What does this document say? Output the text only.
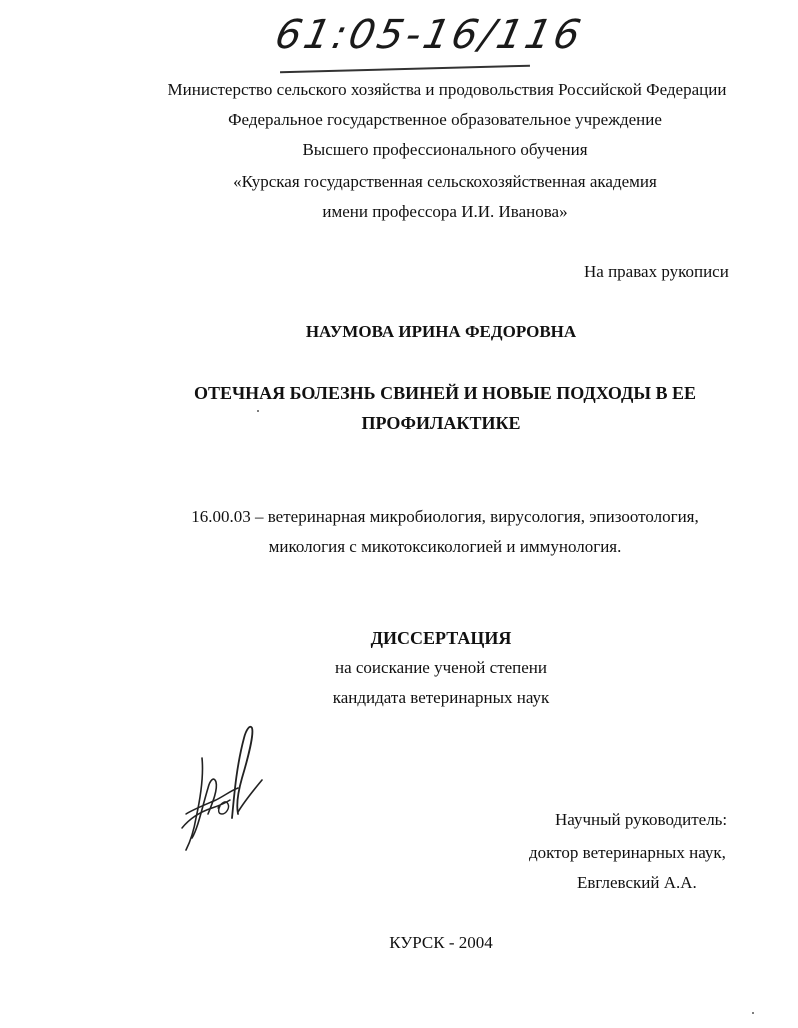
61:05-16/116
Министерство сельского хозяйства и продовольствия Российской Федерации
Федеральное государственное образовательное учреждение
Высшего профессионального обучения
«Курская государственная сельскохозяйственная академия
имени профессора И.И. Иванова»
На правах рукописи
НАУМОВА ИРИНА ФЕДОРОВНА
ОТЕЧНАЯ БОЛЕЗНЬ СВИНЕЙ И НОВЫЕ ПОДХОДЫ В ЕЕ
ПРОФИЛАКТИКЕ
16.00.03 – ветеринарная микробиология, вирусология, эпизоотология,
микология с микотоксикологией и иммунология.
ДИССЕРТАЦИЯ
на соискание ученой степени
кандидата ветеринарных наук
Научный руководитель:
доктор ветеринарных наук,
Евглевский А.А.
КУРСК - 2004
